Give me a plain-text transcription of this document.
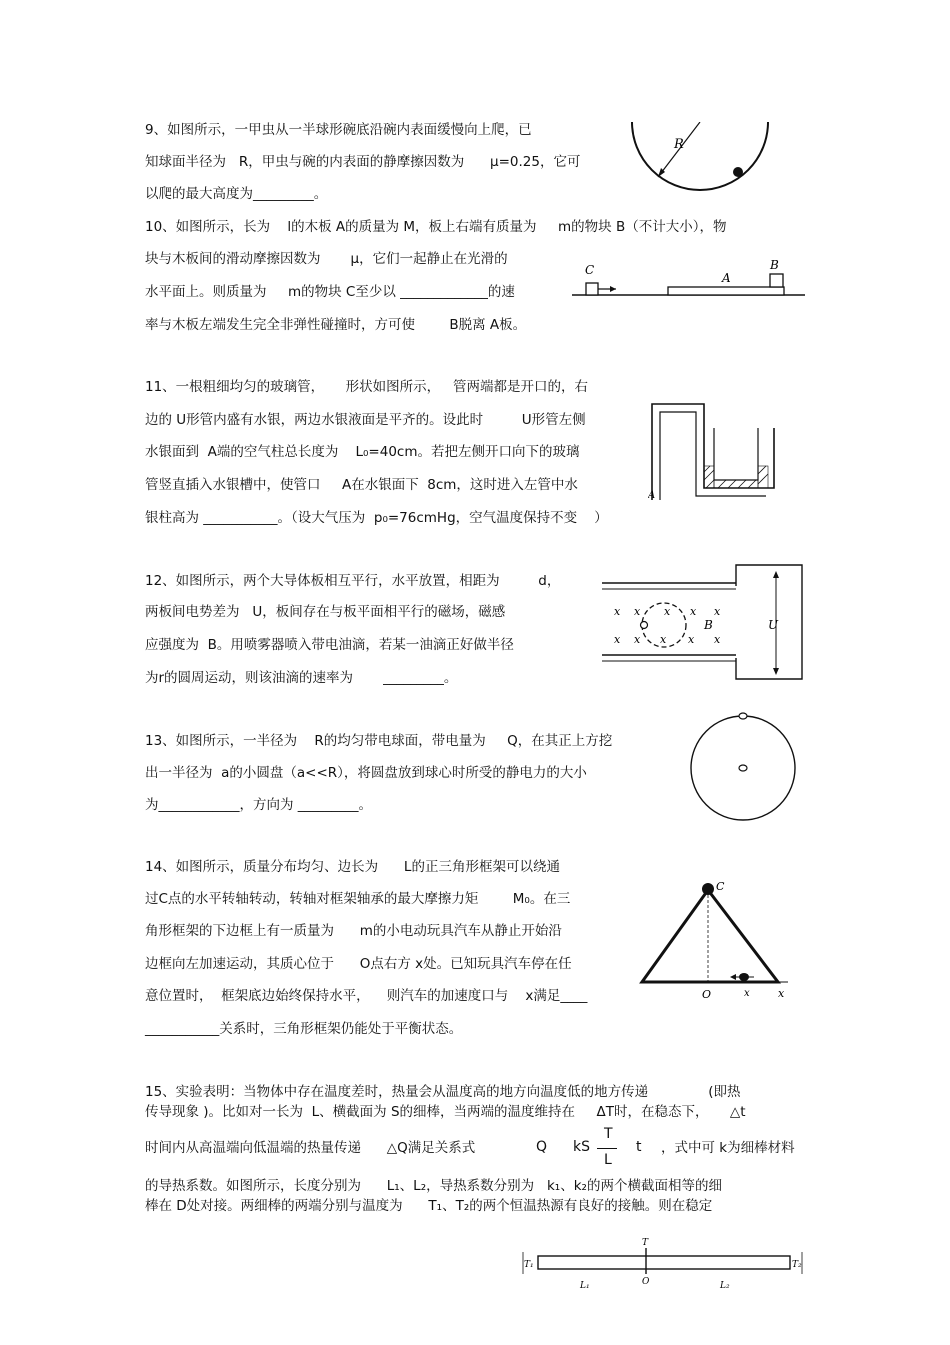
9、如图所示，一甲虫从一半球形碗底沿碗内表面缓慢向上爬，已
知球面半径为   R，甲虫与碗的内表面的静摩擦因数为      μ=0.25，它可
以爬的最大高度为_________。
R
10、如图所示，长为    l的木板 A的质量为 M，板上右端有质量为     m的物块 B（不计大小），物
块与木板间的滑动摩擦因数为       μ，它们一起静止在光滑的
水平面上。则质量为     m的物块 C至少以 _____________的速
率与木板左端发生完全非弹性碰撞时，方可使        B脱离 A板。
C
A
B
11、一根粗细均匀的玻璃管，     形状如图所示，   管两端都是开口的，右
边的 U形管内盛有水银，两边水银液面是平齐的。设此时         U形管左侧
水银面到  A端的空气柱总长度为    L₀=40cm。若把左侧开口向下的玻璃
管竖直插入水银槽中，使管口     A在水银面下  8cm，这时进入左管中水
银柱高为 ___________。（设大气压为  p₀=76cmHg，空气温度保持不变    ）
A
12、如图所示，两个大导体板相互平行，水平放置，相距为         d，
两板间电势差为   U，板间存在与板平面相平行的磁场，磁感
应强度为  B。用喷雾器喷入带电油滴，若某一油滴正好做半径
为r的圆周运动，则该油滴的速率为       _________。
U
x x x x x
x x x x x
B
13、如图所示，一半径为    R的均匀带电球面，带电量为     Q，在其正上方挖
出一半径为  a的小圆盘（a<<R），将圆盘放到球心时所受的静电力的大小
为____________，方向为 _________。
14、如图所示，质量分布均匀、边长为      L的正三角形框架可以绕通
过C点的水平转轴转动，转轴对框架轴承的最大摩擦力矩        M₀。在三
角形框架的下边框上有一质量为      m的小电动玩具汽车从静止开始沿
边框向左加速运动，其质心位于      O点右方 x处。已知玩具汽车停在任
意位置时，  框架底边始终保持水平，    则汽车的加速度口与    x满足____
___________关系时，三角形框架仍能处于平衡状态。
C
O	x	x
15、实验表明：当物体中存在温度差时，热量会从温度高的地方向温度低的地方传递              (即热
传导现象 )。比如对一长为  L、横截面为 S的细棒，当两端的温度维持在     ΔT时，在稳态下，     △t
时间内从高温端向低温端的热量传递      △Q满足关系式	Q kS
T
L
t ，式中可 k为细棒材料
的导热系数。如图所示，长度分别为      L₁、L₂，导热系数分别为   k₁、k₂的两个横截面相等的细
棒在 D处对接。两细棒的两端分别与温度为      T₁、T₂的两个恒温热源有良好的接触。则在稳定
T
T₁	T₂
L₁	O	L₂
